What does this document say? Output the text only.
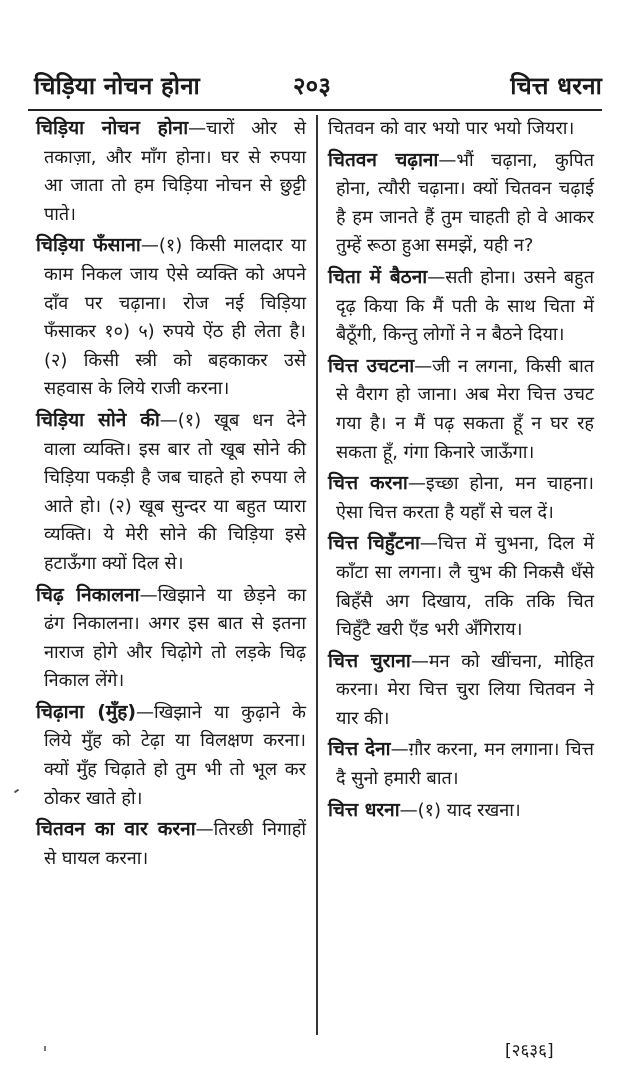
चिड़िया नोचन होना	२०३	चित्त धरना

चिड़िया नोचन होना—चारों ओर से तकाज़ा, और माँग होना। घर से रुपया आ जाता तो हम चिड़िया नोचन से छुट्टी पाते।

चिड़िया फँसाना—(१) किसी मालदार या काम निकल जाय ऐसे व्यक्ति को अपने दाँव पर चढ़ाना। रोज नई चिड़िया फँसाकर १०) ५) रुपये ऐंठ ही लेता है। (२) किसी स्त्री को बहकाकर उसे सहवास के लिये राजी करना।

चिड़िया सोने की—(१) खूब धन देने वाला व्यक्ति। इस बार तो खूब सोने की चिड़िया पकड़ी है जब चाहते हो रुपया ले आते हो। (२) खूब सुन्दर या बहुत प्यारा व्यक्ति। ये मेरी सोने की चिड़िया इसे हटाऊँगा क्यों दिल से।

चिढ़ निकालना—खिझाने या छेड़ने का ढंग निकालना। अगर इस बात से इतना नाराज होगे और चिढ़ोगे तो लड़के चिढ़ निकाल लेंगे।

चिढ़ाना (मुँह)—खिझाने या कुढ़ाने के लिये मुँह को टेढ़ा या विलक्षण करना। क्यों मुँह चिढ़ाते हो तुम भी तो भूल कर ठोकर खाते हो।

चितवन का वार करना—तिरछी निगाहों से घायल करना।

चितवन को वार भयो पार भयो जियरा।

चितवन चढ़ाना—भौं चढ़ाना, कुपित होना, त्यौरी चढ़ाना। क्यों चितवन चढ़ाई है हम जानते हैं तुम चाहती हो वे आकर तुम्हें रूठा हुआ समझें, यही न?

चिता में बैठना—सती होना। उसने बहुत दृढ़ किया कि मैं पती के साथ चिता में बैठूँगी, किन्तु लोगों ने न बैठने दिया।

चित्त उचटना—जी न लगना, किसी बात से वैराग हो जाना। अब मेरा चित्त उचट गया है। न मैं पढ़ सकता हूँ न घर रह सकता हूँ, गंगा किनारे जाऊँगा।

चित्त करना—इच्छा होना, मन चाहना। ऐसा चित्त करता है यहाँ से चल दें।

चित्त चिहुँटना—चित्त में चुभना, दिल में काँटा सा लगना। लै चुभ की निकसै धँसे बिहँसै अग दिखाय, तकि तकि चित चिहुँटै खरी एँड भरी अँगिराय।

चित्त चुराना—मन को खींचना, मोहित करना। मेरा चित्त चुरा लिया चितवन ने यार की।

चित्त देना—ग़ौर करना, मन लगाना। चित्त दै सुनो हमारी बात।

चित्त धरना—(१) याद रखना।

[२६३६]
